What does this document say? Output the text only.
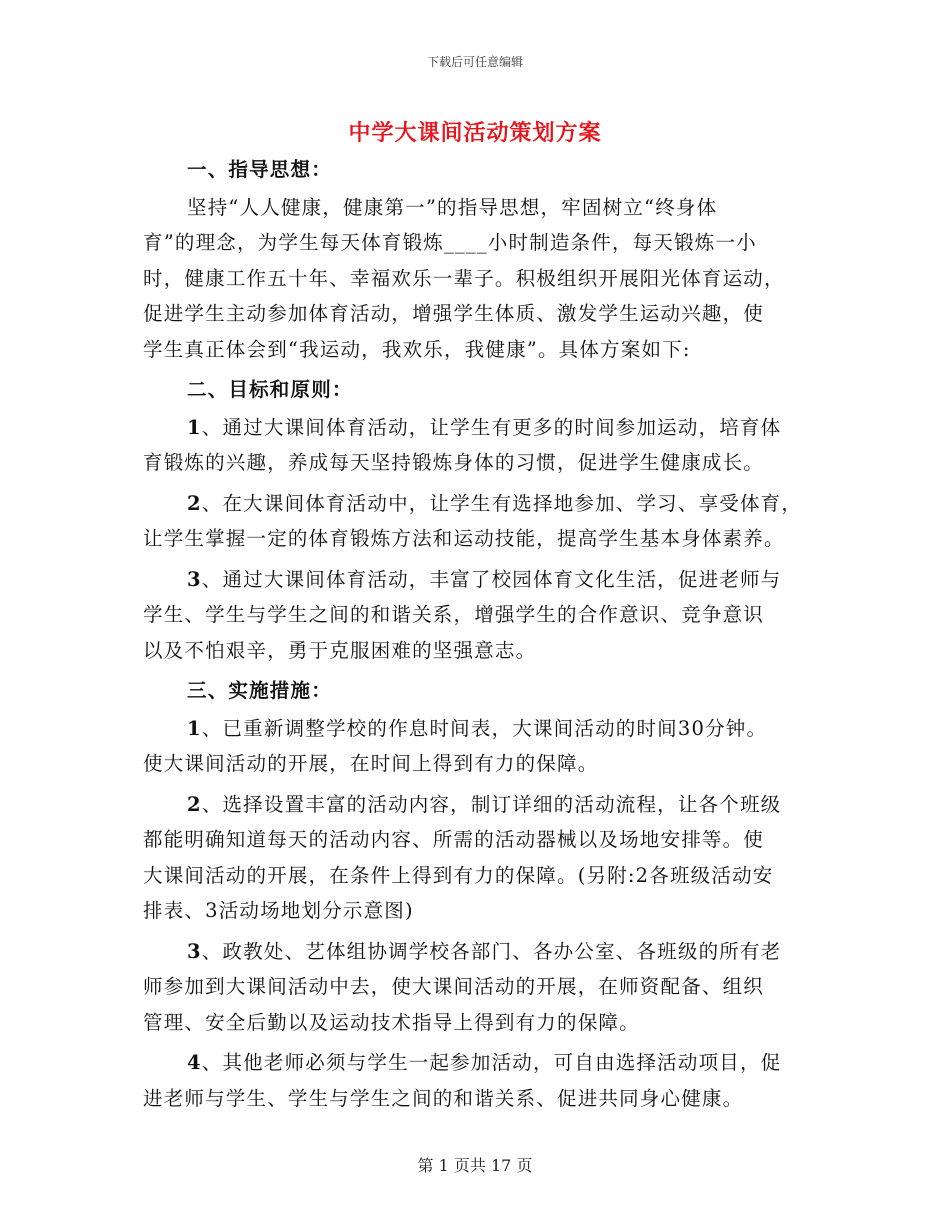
下载后可任意编辑
中学大课间活动策划方案

一、指导思想：

坚持“人人健康，健康第一”的指导思想，牢固树立“终身体
育”的理念，为学生每天体育锻炼____小时制造条件，每天锻炼一小
时，健康工作五十年、幸福欢乐一辈子。积极组织开展阳光体育运动，
促进学生主动参加体育活动，增强学生体质、激发学生运动兴趣，使
学生真正体会到“我运动，我欢乐，我健康”。具体方案如下:

二、目标和原则：

1、通过大课间体育活动，让学生有更多的时间参加运动，培育体
育锻炼的兴趣，养成每天坚持锻炼身体的习惯，促进学生健康成长。

2、在大课间体育活动中，让学生有选择地参加、学习、享受体育，
让学生掌握一定的体育锻炼方法和运动技能，提高学生基本身体素养。

3、通过大课间体育活动，丰富了校园体育文化生活，促进老师与
学生、学生与学生之间的和谐关系，增强学生的合作意识、竞争意识
以及不怕艰辛，勇于克服困难的坚强意志。

三、实施措施：

1、已重新调整学校的作息时间表，大课间活动的时间30分钟。
使大课间活动的开展，在时间上得到有力的保障。

2、选择设置丰富的活动内容，制订详细的活动流程，让各个班级
都能明确知道每天的活动内容、所需的活动器械以及场地安排等。使
大课间活动的开展，在条件上得到有力的保障。(另附:2各班级活动安
排表、3活动场地划分示意图)

3、政教处、艺体组协调学校各部门、各办公室、各班级的所有老
师参加到大课间活动中去，使大课间活动的开展，在师资配备、组织
管理、安全后勤以及运动技术指导上得到有力的保障。

4、其他老师必须与学生一起参加活动，可自由选择活动项目，促
进老师与学生、学生与学生之间的和谐关系、促进共同身心健康。

第 1 页共 17 页
